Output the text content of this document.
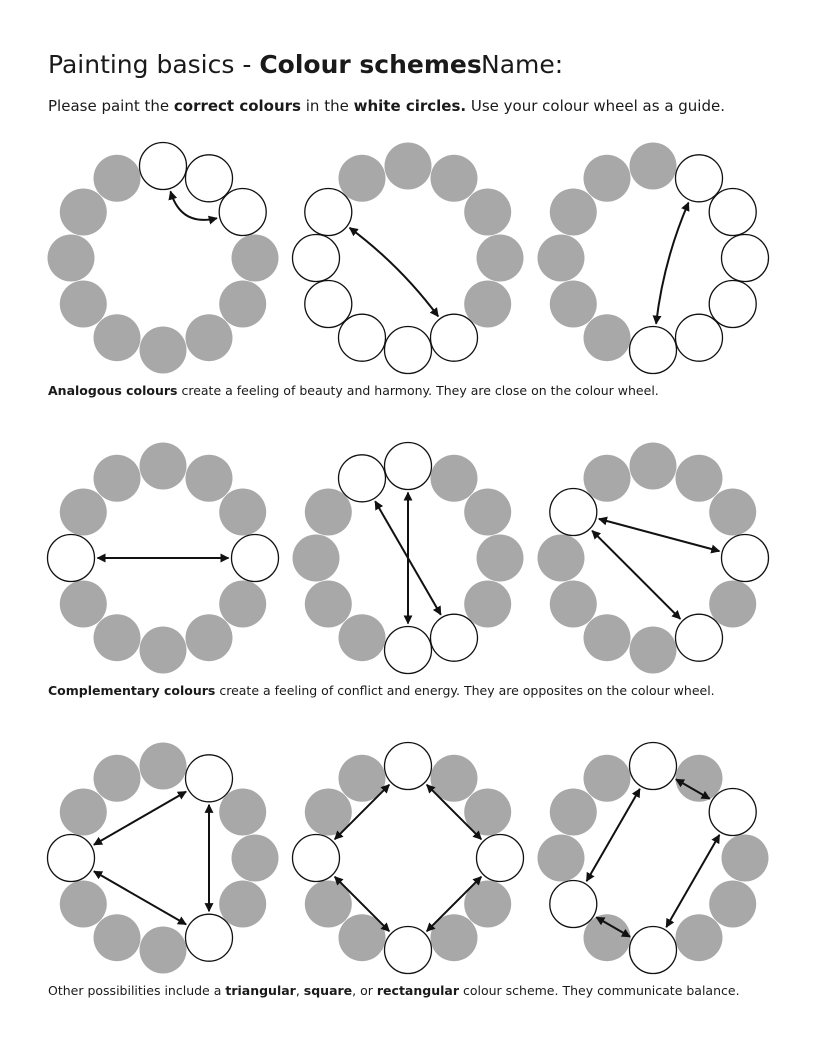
Painting basics - Colour schemes Name:
Please paint the correct colours in the white circles. Use your colour wheel as a guide.
Analogous colours create a feeling of beauty and harmony. They are close on the colour wheel.
Complementary colours create a feeling of conflict and energy. They are opposites on the colour wheel.
Other possibilities include a triangular, square, or rectangular colour scheme. They communicate balance.
